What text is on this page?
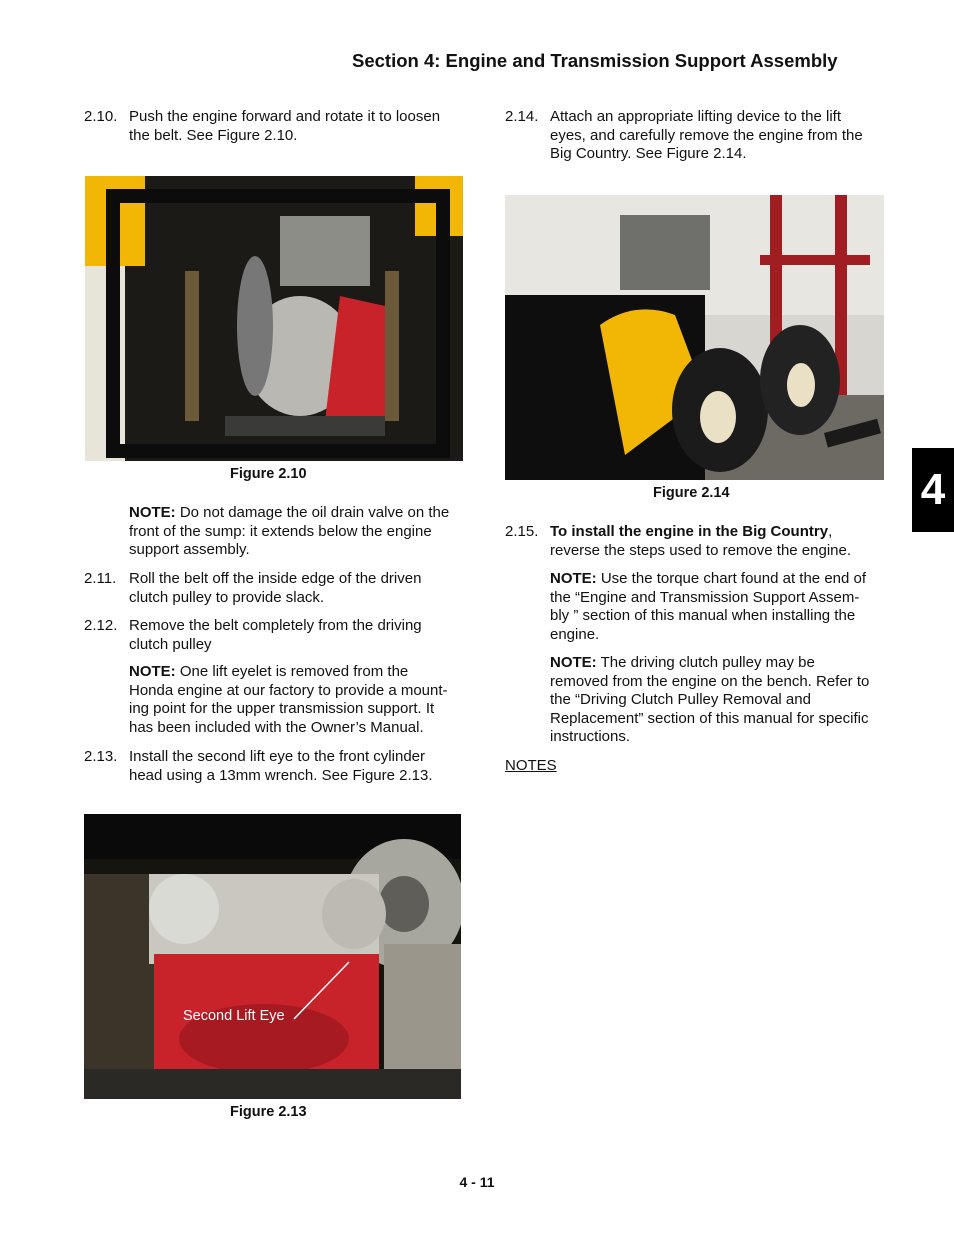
Section 4: Engine and Transmission Support Assembly
2.10. Push the engine forward and rotate it to loosen
the belt. See Figure 2.10.
Figure 2.10
NOTE: Do not damage the oil drain valve on the
front of the sump: it extends below the engine
support assembly.
2.11. Roll the belt off the inside edge of the driven
clutch pulley to provide slack.
2.12. Remove the belt completely from the driving
clutch pulley
NOTE: One lift eyelet is removed from the
Honda engine at our factory to provide a mount-
ing point for the upper transmission support. It
has been included with the Owner’s Manual.
2.13. Install the second lift eye to the front cylinder
head using a 13mm wrench. See Figure 2.13.
Second Lift Eye
Figure 2.13
2.14. Attach an appropriate lifting device to the lift
eyes, and carefully remove the engine from the
Big Country. See Figure 2.14.
Figure 2.14
2.15. To install the engine in the Big Country,
reverse the steps used to remove the engine.
NOTE: Use the torque chart found at the end of
the “Engine and Transmission Support Assem-
bly ” section of this manual when installing the
engine.
NOTE: The driving clutch pulley may be
removed from the engine on the bench. Refer to
the “Driving Clutch Pulley Removal and
Replacement” section of this manual for specific
instructions.
NOTES
4
4 - 11
